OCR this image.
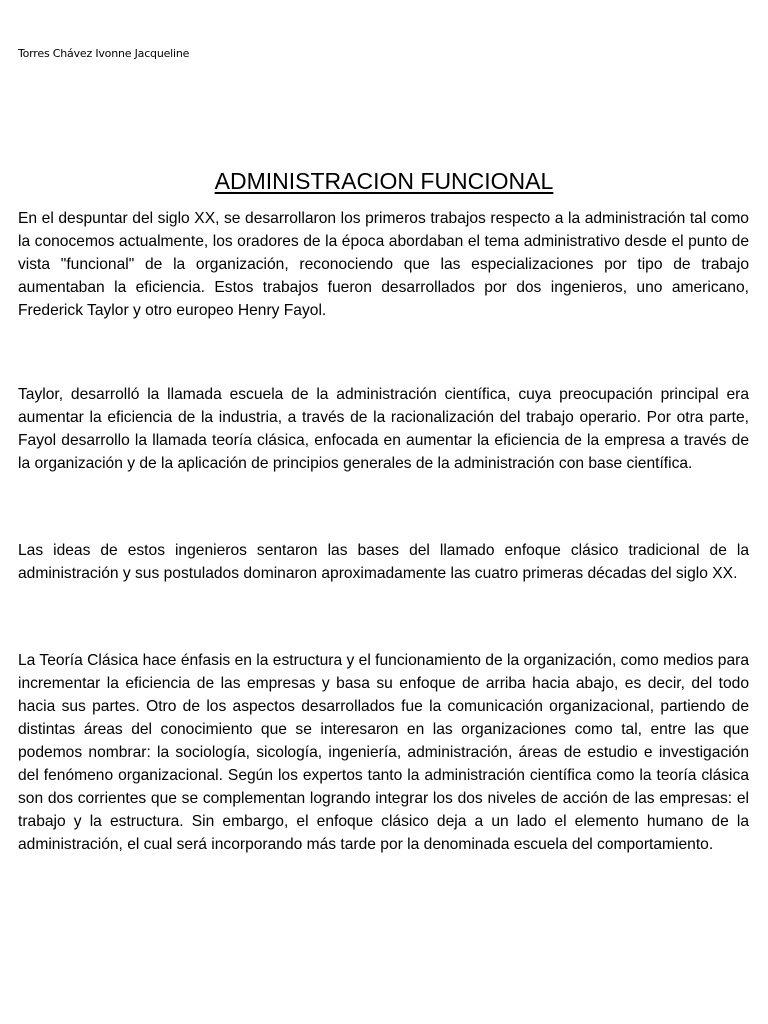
Torres Chávez Ivonne Jacqueline
ADMINISTRACION FUNCIONAL

En el despuntar del siglo XX, se desarrollaron los primeros trabajos respecto a la administración tal como la conocemos actualmente, los oradores de la época abordaban el tema administrativo desde el punto de vista "funcional" de la organización, reconociendo que las especializaciones por tipo de trabajo aumentaban la eficiencia. Estos trabajos fueron desarrollados por dos ingenieros, uno americano, Frederick Taylor y otro europeo Henry Fayol.

Taylor, desarrolló la llamada escuela de la administración científica, cuya preocupación principal era aumentar la eficiencia de la industria, a través de la racionalización del trabajo operario. Por otra parte, Fayol desarrollo la llamada teoría clásica, enfocada en aumentar la eficiencia de la empresa a través de la organización y de la aplicación de principios generales de la administración con base científica.

Las ideas de estos ingenieros sentaron las bases del llamado enfoque clásico tradicional de la administración y sus postulados dominaron aproximadamente las cuatro primeras décadas del siglo XX.

La Teoría Clásica hace énfasis en la estructura y el funcionamiento de la organización, como medios para incrementar la eficiencia de las empresas y basa su enfoque de arriba hacia abajo, es decir, del todo hacia sus partes. Otro de los aspectos desarrollados fue la comunicación organizacional, partiendo de distintas áreas del conocimiento que se interesaron en las organizaciones como tal, entre las que podemos nombrar: la sociología, sicología, ingeniería, administración, áreas de estudio e investigación del fenómeno organizacional. Según los expertos tanto la administración científica como la teoría clásica son dos corrientes que se complementan logrando integrar los dos niveles de acción de las empresas: el trabajo y la estructura. Sin embargo, el enfoque clásico deja a un lado el elemento humano de la administración, el cual será incorporando más tarde por la denominada escuela del comportamiento.
